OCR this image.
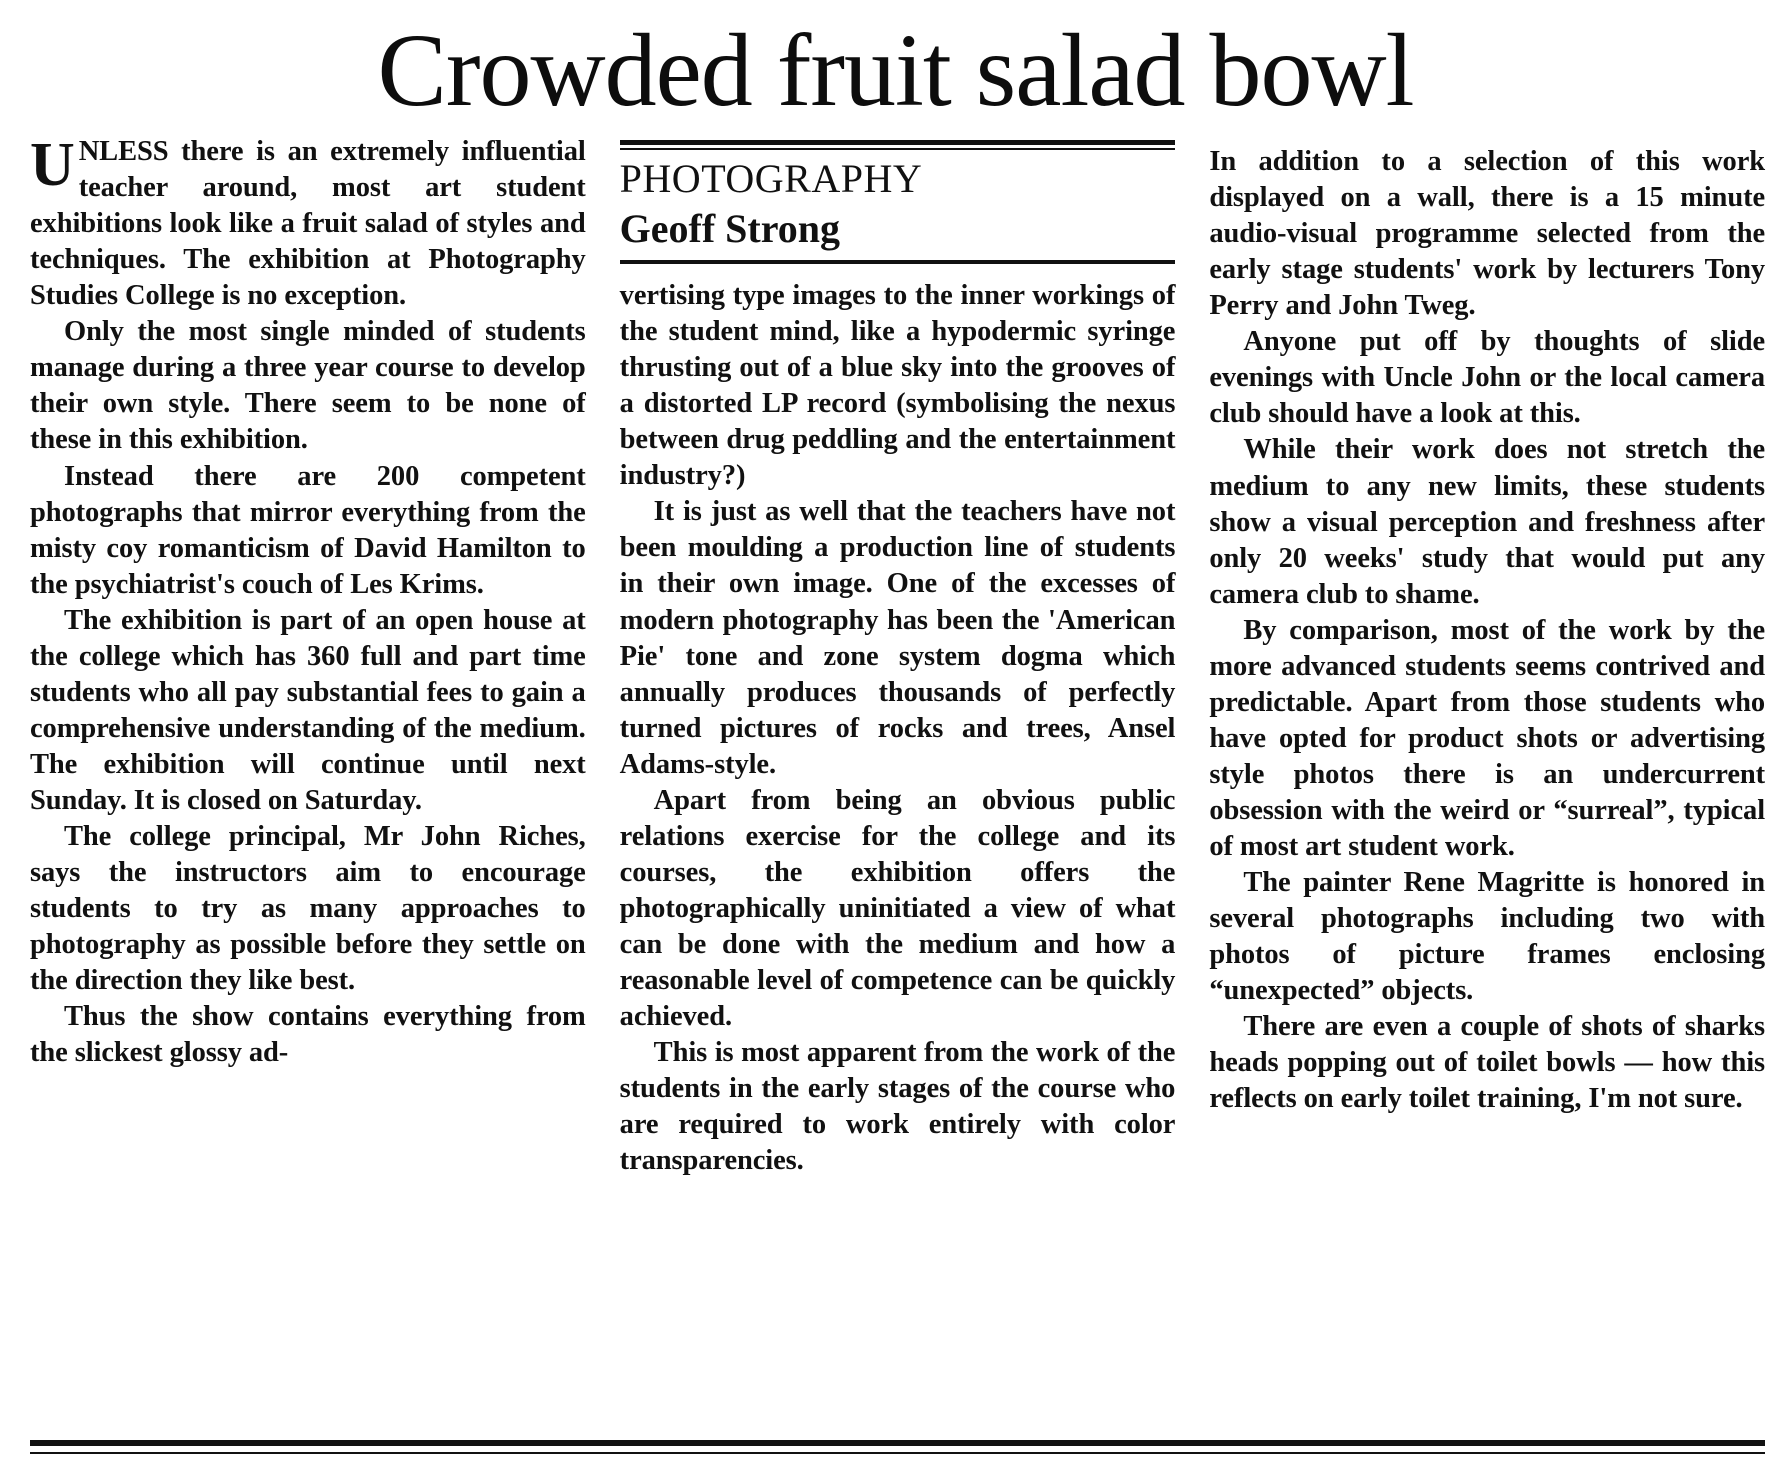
Crowded fruit salad bowl

UNLESS there is an extremely influential teacher around, most art student exhibitions look like a fruit salad of styles and techniques. The exhibition at Photography Studies College is no exception.

Only the most single minded of students manage during a three year course to develop their own style. There seem to be none of these in this exhibition.

Instead there are 200 competent photographs that mirror everything from the misty coy romanticism of David Hamilton to the psychiatrist's couch of Les Krims.

The exhibition is part of an open house at the college which has 360 full and part time students who all pay substantial fees to gain a comprehensive understanding of the medium. The exhibition will continue until next Sunday. It is closed on Saturday.

The college principal, Mr John Riches, says the instructors aim to encourage students to try as many approaches to photography as possible before they settle on the direction they like best.

Thus the show contains everything from the slickest glossy ad-

PHOTOGRAPHY
Geoff Strong

vertising type images to the inner workings of the student mind, like a hypodermic syringe thrusting out of a blue sky into the grooves of a distorted LP record (symbolising the nexus between drug peddling and the entertainment industry?)

It is just as well that the teachers have not been moulding a production line of students in their own image. One of the excesses of modern photography has been the 'American Pie' tone and zone system dogma which annually produces thousands of perfectly turned pictures of rocks and trees, Ansel Adams-style.

Apart from being an obvious public relations exercise for the college and its courses, the exhibition offers the photographically uninitiated a view of what can be done with the medium and how a reasonable level of competence can be quickly achieved.

This is most apparent from the work of the students in the early stages of the course who are required to work entirely with color transparencies.

In addition to a selection of this work displayed on a wall, there is a 15 minute audio-visual programme selected from the early stage students' work by lecturers Tony Perry and John Tweg.

Anyone put off by thoughts of slide evenings with Uncle John or the local camera club should have a look at this.

While their work does not stretch the medium to any new limits, these students show a visual perception and freshness after only 20 weeks' study that would put any camera club to shame.

By comparison, most of the work by the more advanced students seems contrived and predictable. Apart from those students who have opted for product shots or advertising style photos there is an undercurrent obsession with the weird or “surreal”, typical of most art student work.

The painter Rene Magritte is honored in several photographs including two with photos of picture frames enclosing “unexpected” objects.

There are even a couple of shots of sharks heads popping out of toilet bowls — how this reflects on early toilet training, I'm not sure.
